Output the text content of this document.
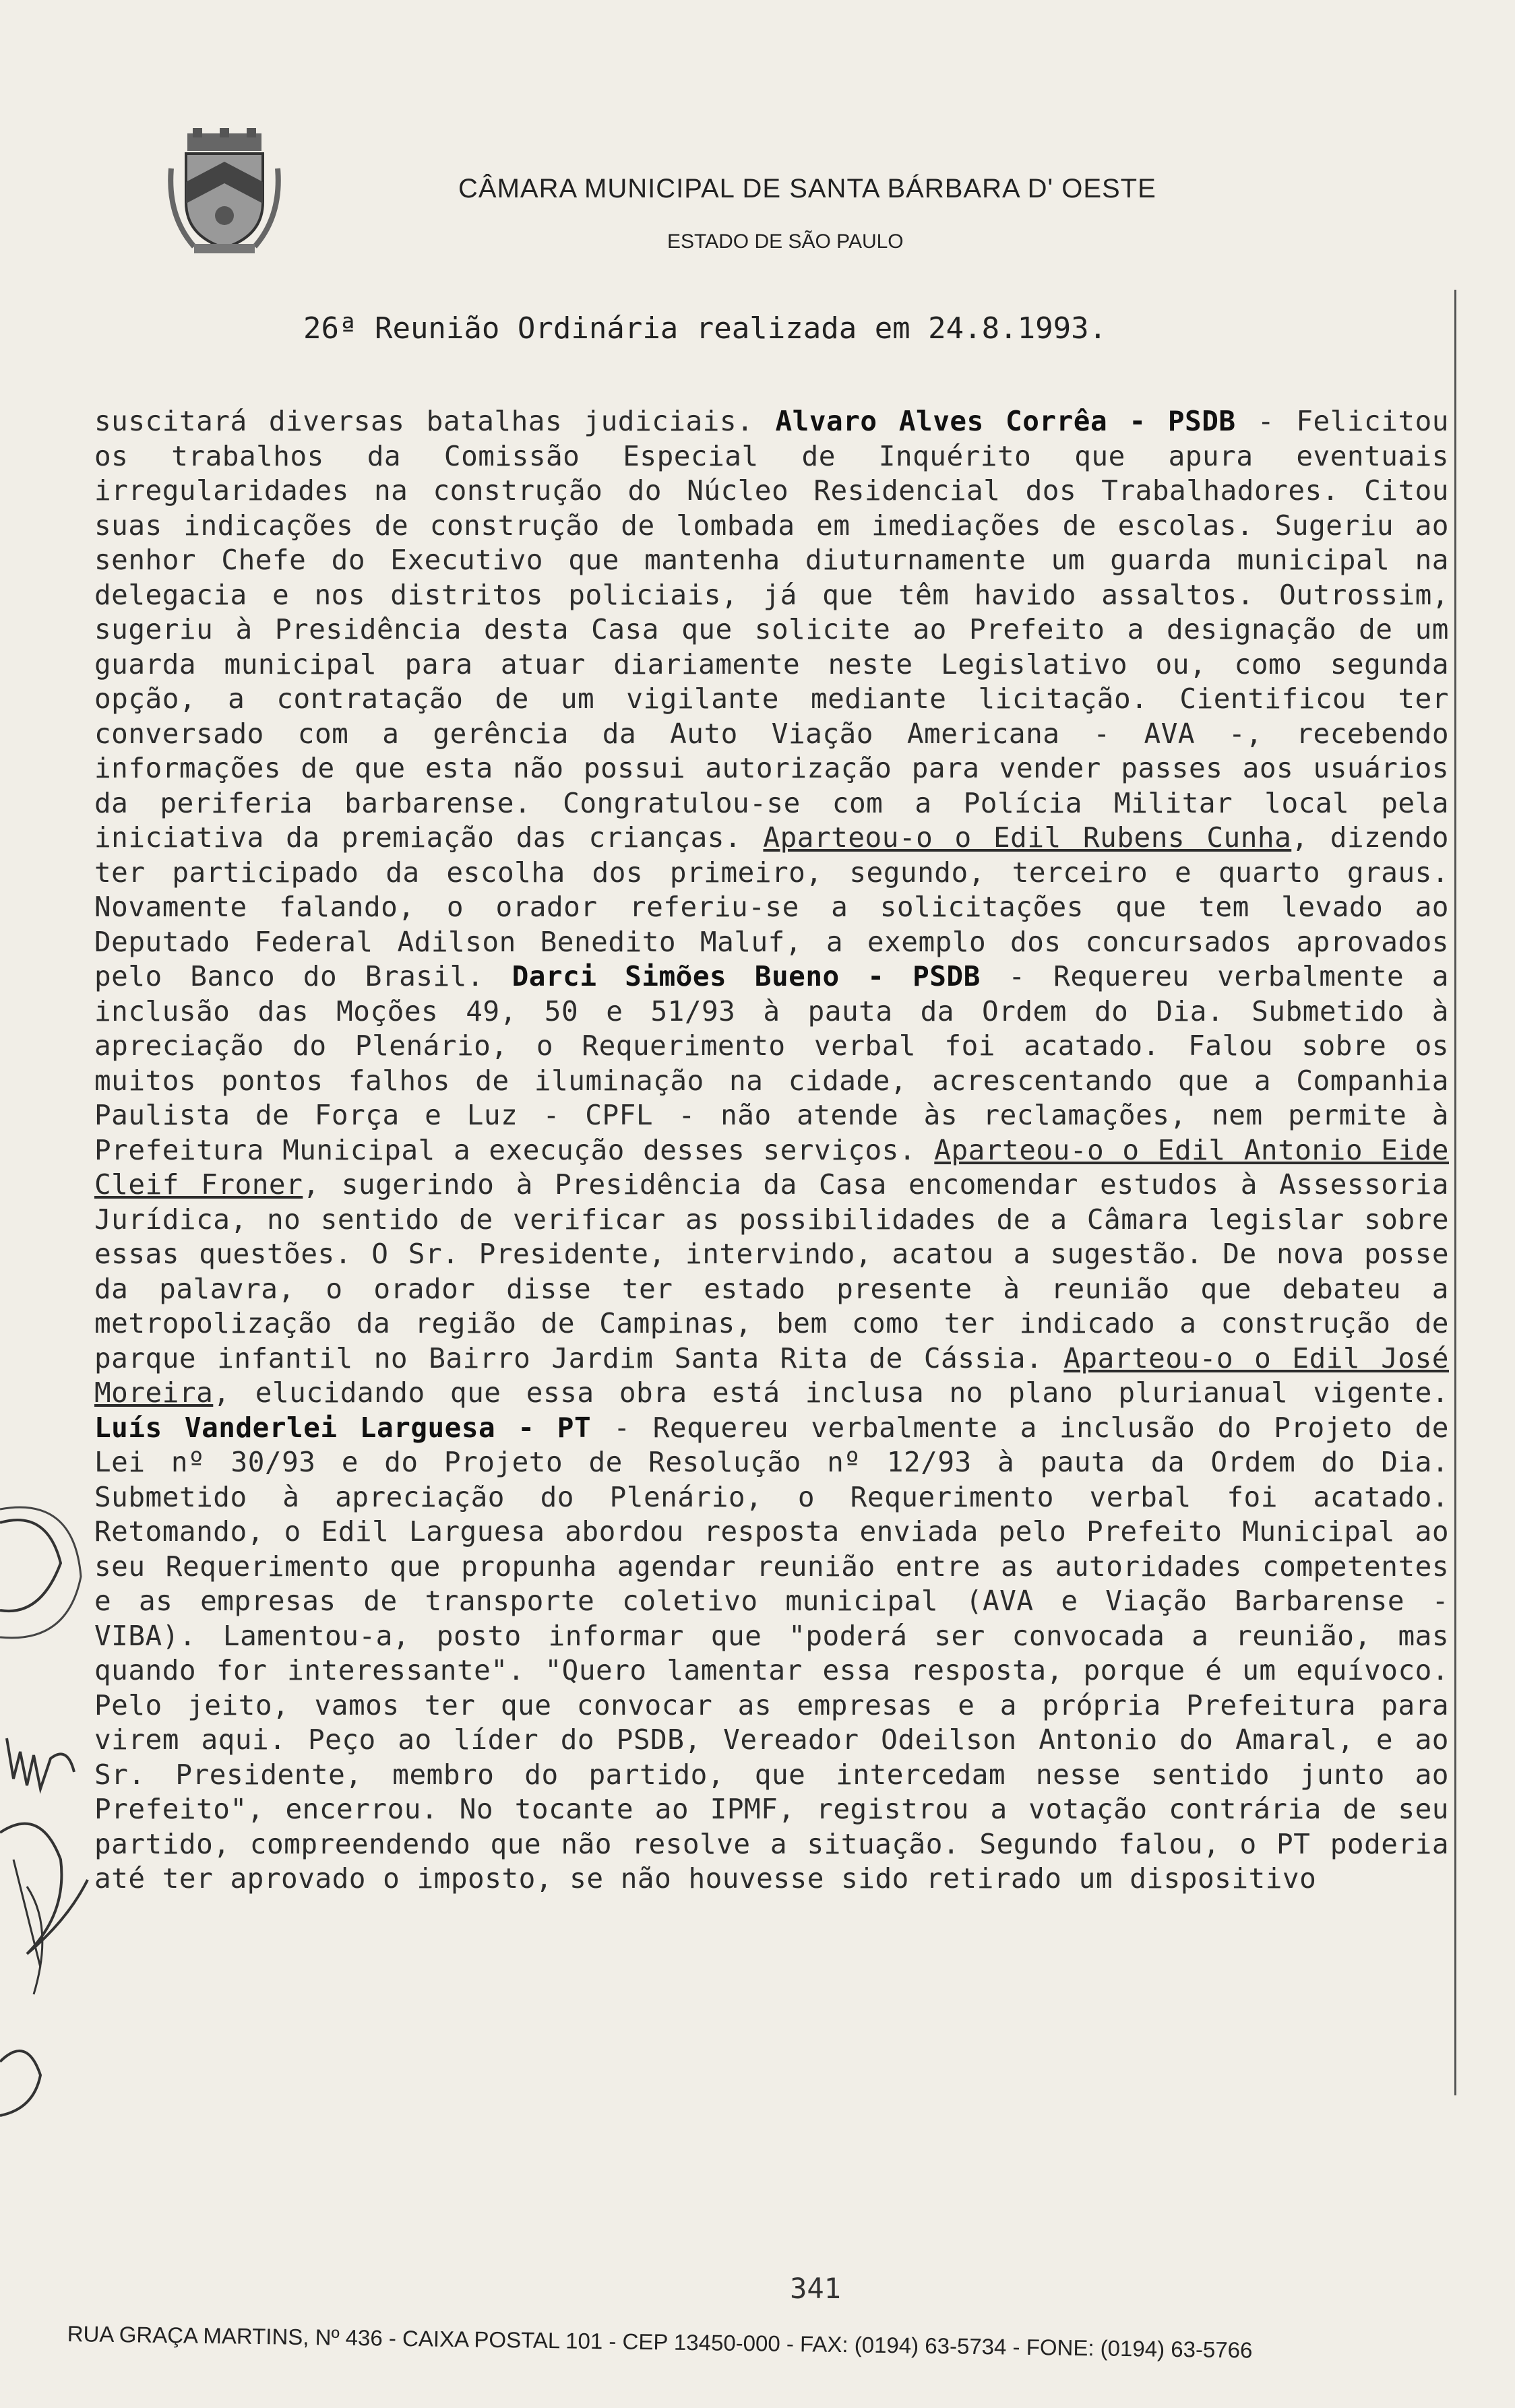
CÂMARA MUNICIPAL DE SANTA BÁRBARA D' OESTE
ESTADO DE SÃO PAULO
26ª Reunião Ordinária realizada em 24.8.1993.

suscitará diversas batalhas judiciais. Alvaro Alves Corrêa - PSDB - Felicitou os trabalhos da Comissão Especial de Inquérito que apura eventuais irregularidades na construção do Núcleo Residencial dos Trabalhadores. Citou suas indicações de construção de lombada em imediações de escolas. Sugeriu ao senhor Chefe do Executivo que mantenha diuturnamente um guarda municipal na delegacia e nos distritos policiais, já que têm havido assaltos. Outrossim, sugeriu à Presidência desta Casa que solicite ao Prefeito a designação de um guarda municipal para atuar diariamente neste Legislativo ou, como segunda opção, a contratação de um vigilante mediante licitação. Cientificou ter conversado com a gerência da Auto Viação Americana - AVA -, recebendo informações de que esta não possui autorização para vender passes aos usuários da periferia barbarense. Congratulou-se com a Polícia Militar local pela iniciativa da premiação das crianças. Aparteou-o o Edil Rubens Cunha, dizendo ter participado da escolha dos primeiro, segundo, terceiro e quarto graus. Novamente falando, o orador referiu-se a solicitações que tem levado ao Deputado Federal Adilson Benedito Maluf, a exemplo dos concursados aprovados pelo Banco do Brasil. Darci Simões Bueno - PSDB - Requereu verbalmente a inclusão das Moções 49, 50 e 51/93 à pauta da Ordem do Dia. Submetido à apreciação do Plenário, o Requerimento verbal foi acatado. Falou sobre os muitos pontos falhos de iluminação na cidade, acrescentando que a Companhia Paulista de Força e Luz - CPFL - não atende às reclamações, nem permite à Prefeitura Municipal a execução desses serviços. Aparteou-o o Edil Antonio Eide Cleif Froner, sugerindo à Presidência da Casa encomendar estudos à Assessoria Jurídica, no sentido de verificar as possibilidades de a Câmara legislar sobre essas questões. O Sr. Presidente, intervindo, acatou a sugestão. De nova posse da palavra, o orador disse ter estado presente à reunião que debateu a metropolização da região de Campinas, bem como ter indicado a construção de parque infantil no Bairro Jardim Santa Rita de Cássia. Aparteou-o o Edil José Moreira, elucidando que essa obra está inclusa no plano plurianual vigente. Luís Vanderlei Larguesa - PT - Requereu verbalmente a inclusão do Projeto de Lei nº 30/93 e do Projeto de Resolução nº 12/93 à pauta da Ordem do Dia. Submetido à apreciação do Plenário, o Requerimento verbal foi acatado. Retomando, o Edil Larguesa abordou resposta enviada pelo Prefeito Municipal ao seu Requerimento que propunha agendar reunião entre as autoridades competentes e as empresas de transporte coletivo municipal (AVA e Viação Barbarense - VIBA). Lamentou-a, posto informar que "poderá ser convocada a reunião, mas quando for interessante". "Quero lamentar essa resposta, porque é um equívoco. Pelo jeito, vamos ter que convocar as empresas e a própria Prefeitura para virem aqui. Peço ao líder do PSDB, Vereador Odeilson Antonio do Amaral, e ao Sr. Presidente, membro do partido, que intercedam nesse sentido junto ao Prefeito", encerrou. No tocante ao IPMF, registrou a votação contrária de seu partido, compreendendo que não resolve a situação. Segundo falou, o PT poderia até ter aprovado o imposto, se não houvesse sido retirado um dispositivo

341
RUA GRAÇA MARTINS, Nº 436 - CAIXA POSTAL 101 - CEP 13450-000 - FAX: (0194) 63-5734 - FONE: (0194) 63-5766
